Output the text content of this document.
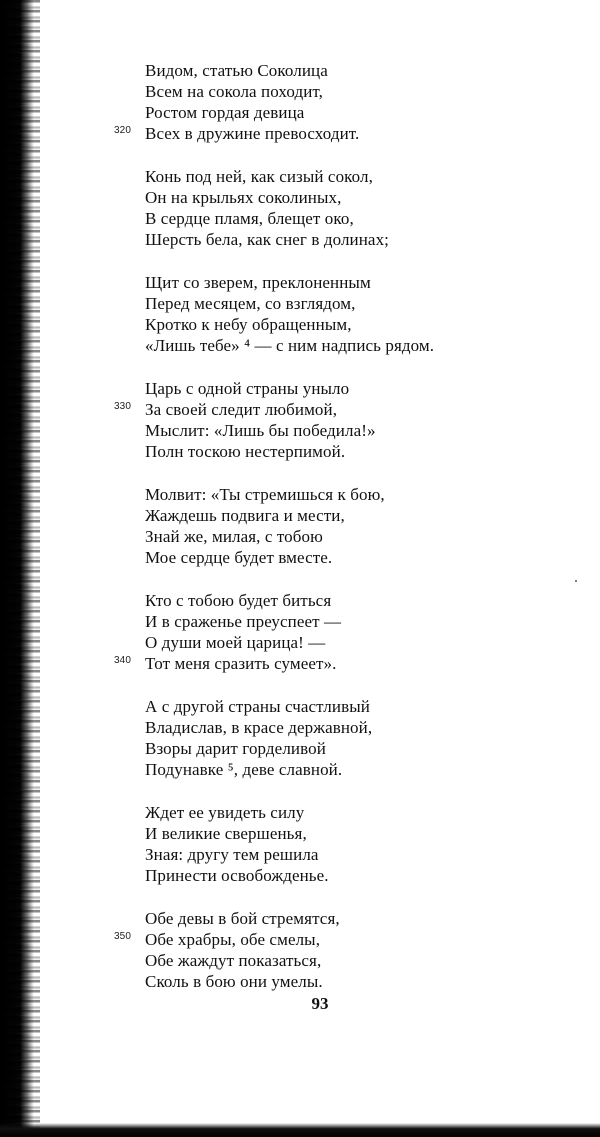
Видом, статью Соколица
Всем на сокола походит,
Ростом гордая девица
320 Всех в дружине превосходит.
Конь под ней, как сизый сокол,
Он на крыльях соколиных,
В сердце пламя, блещет око,
Шерсть бела, как снег в долинах;
Щит со зверем, преклоненным
Перед месяцем, со взглядом,
Кротко к небу обращенным,
«Лишь тебе» ⁴ — с ним надпись рядом.
Царь с одной страны уныло
330 За своей следит любимой,
Мыслит: «Лишь бы победила!»
Полн тоскою нестерпимой.
Молвит: «Ты стремишься к бою,
Жаждешь подвига и мести,
Знай же, милая, с тобою
Мое сердце будет вместе.
Кто с тобою будет биться
И в сраженье преуспеет —
О души моей царица! —
340 Тот меня сразить сумеет».
А с другой страны счастливый
Владислав, в красе державной,
Взоры дарит горделивой
Подунавке ⁵, деве славной.
Ждет ее увидеть силу
И великие свершенья,
Зная: другу тем решила
Принести освобожденье.
Обе девы в бой стремятся,
350 Обе храбры, обе смелы,
Обе жаждут показаться,
Сколь в бою они умелы.
93
